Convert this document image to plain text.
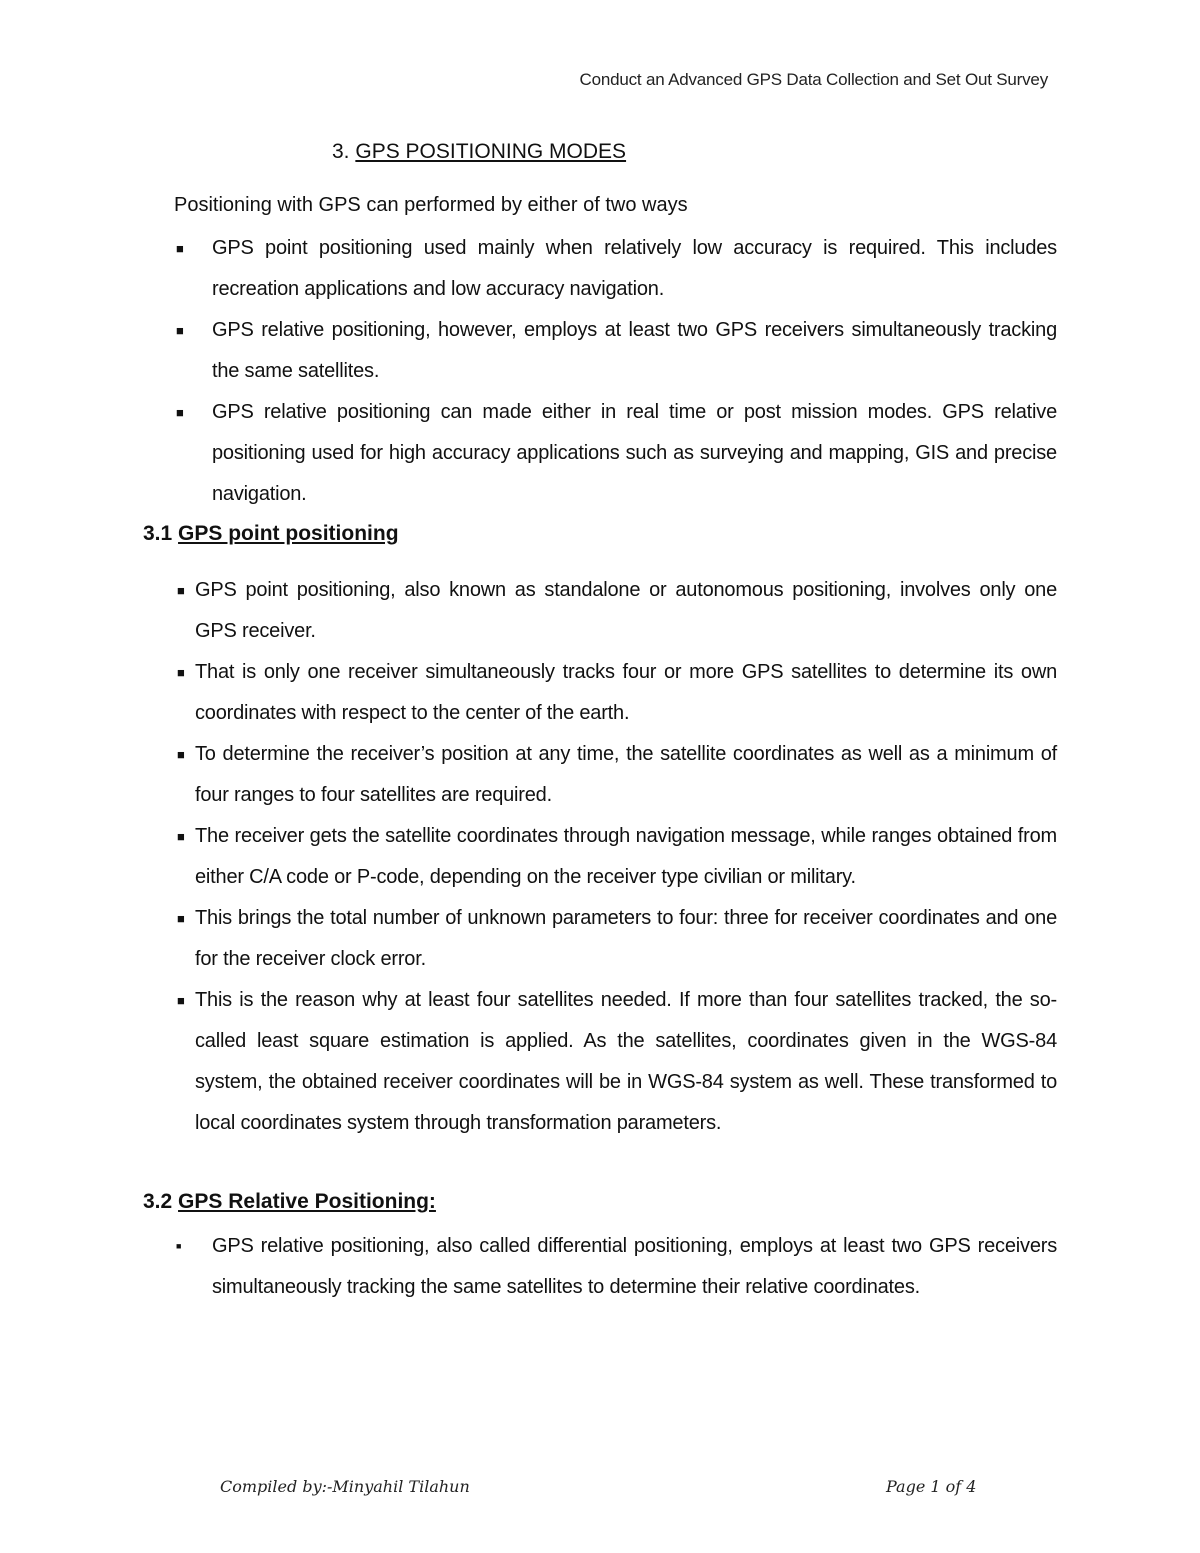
Conduct an Advanced GPS Data Collection and Set Out Survey
3. GPS POSITIONING MODES
Positioning with GPS can performed by either of two ways
■ GPS point positioning used mainly when relatively low accuracy is required. This includes recreation applications and low accuracy navigation.
■ GPS relative positioning, however, employs at least two GPS receivers simultaneously tracking the same satellites.
■ GPS relative positioning can made either in real time or post mission modes. GPS relative positioning used for high accuracy applications such as surveying and mapping, GIS and precise navigation.
3.1 GPS point positioning
■ GPS point positioning, also known as standalone or autonomous positioning, involves only one GPS receiver.
■ That is only one receiver simultaneously tracks four or more GPS satellites to determine its own coordinates with respect to the center of the earth.
■ To determine the receiver’s position at any time, the satellite coordinates as well as a minimum of four ranges to four satellites are required.
■ The receiver gets the satellite coordinates through navigation message, while ranges obtained from either C/A code or P-code, depending on the receiver type civilian or military.
■ This brings the total number of unknown parameters to four: three for receiver coordinates and one for the receiver clock error.
■ This is the reason why at least four satellites needed. If more than four satellites tracked, the so-called least square estimation is applied. As the satellites, coordinates given in the WGS-84 system, the obtained receiver coordinates will be in WGS-84 system as well. These transformed to local coordinates system through transformation parameters.
3.2 GPS Relative Positioning:
■ GPS relative positioning, also called differential positioning, employs at least two GPS receivers simultaneously tracking the same satellites to determine their relative coordinates.
Compiled by:-Minyahil Tilahun	Page 1 of 4
